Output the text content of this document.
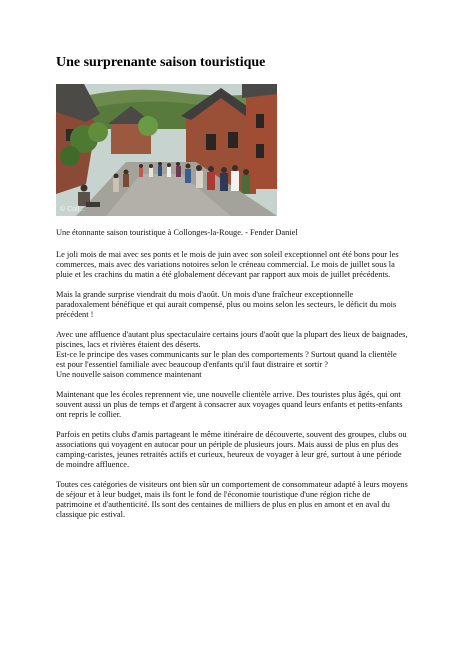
Une surprenante saison touristique
© Coll...

Une étonnante saison touristique à Collonges-la-Rouge. - Fender Daniel

Le joli mois de mai avec ses ponts et le mois de juin avec son soleil exceptionnel ont été bons pour les commerces, mais avec des variations notoires selon le créneau commercial. Le mois de juillet sous la pluie et les crachins du matin a été globalement décevant par rapport aux mois de juillet précédents.

Mais la grande surprise viendrait du mois d'août. Un mois d'une fraîcheur exceptionnelle paradoxalement bénéfique et qui aurait compensé, plus ou moins selon les secteurs, le déficit du mois précédent !

Avec une affluence d'autant plus spectaculaire certains jours d'août que la plupart des lieux de baignades, piscines, lacs et rivières étaient des déserts.
Est-ce le principe des vases communicants sur le plan des comportements ? Surtout quand la clientèle est pour l'essentiel familiale avec beaucoup d'enfants qu'il faut distraire et sortir ?
Une nouvelle saison commence maintenant

Maintenant que les écoles reprennent vie, une nouvelle clientèle arrive. Des touristes plus âgés, qui ont souvent aussi un plus de temps et d'argent à consacrer aux voyages quand leurs enfants et petits-enfants ont repris le collier.

Parfois en petits clubs d'amis partageant le même itinéraire de découverte, souvent des groupes, clubs ou associations qui voyagent en autocar pour un périple de plusieurs jours. Mais aussi de plus en plus des camping-caristes, jeunes retraités actifs et curieux, heureux de voyager à leur gré, surtout à une période de moindre affluence.

Toutes ces catégories de visiteurs ont bien sûr un comportement de consommateur adapté à leurs moyens de séjour et à leur budget, mais ils font le fond de l'économie touristique d'une région riche de patrimoine et d'authenticité. Ils sont des centaines de milliers de plus en plus en amont et en aval du classique pic estival.
